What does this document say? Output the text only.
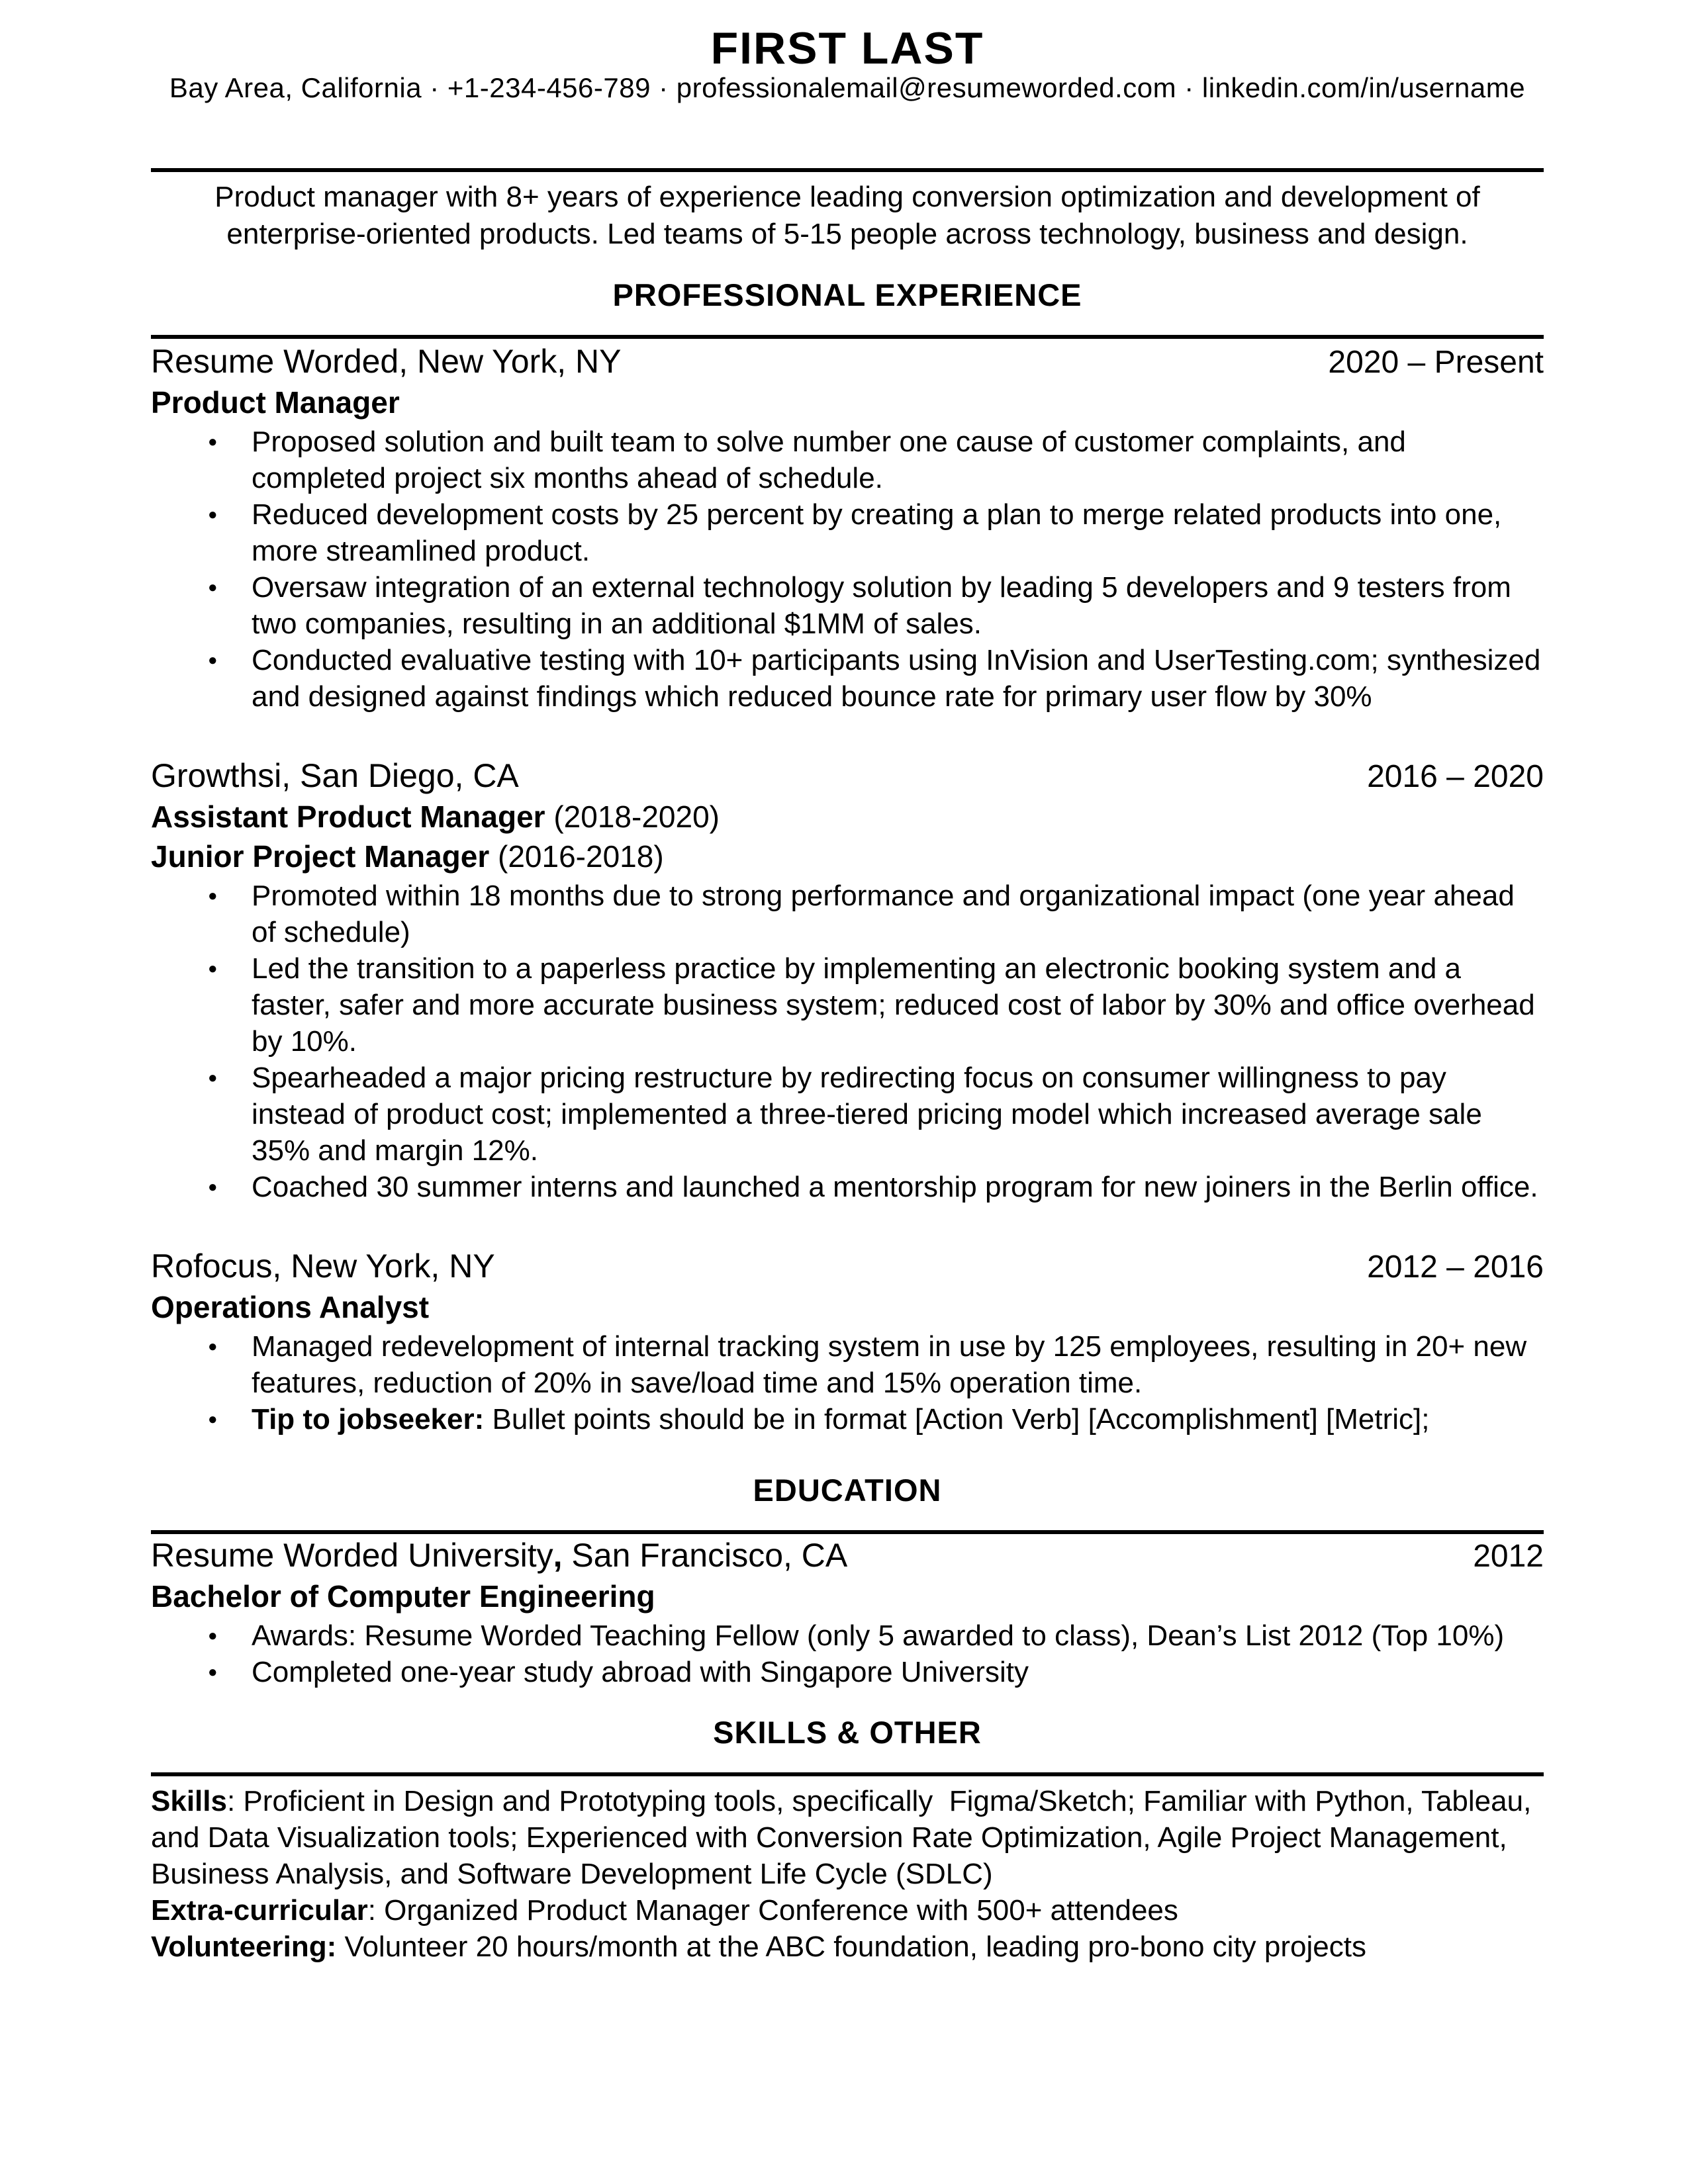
FIRST LAST
Bay Area, California · +1-234-456-789 · professionalemail@resumeworded.com · linkedin.com/in/username

Product manager with 8+ years of experience leading conversion optimization and development of enterprise-oriented products. Led teams of 5-15 people across technology, business and design.

PROFESSIONAL EXPERIENCE
Resume Worded, New York, NY	2020 – Present
Product Manager
● Proposed solution and built team to solve number one cause of customer complaints, and completed project six months ahead of schedule.
● Reduced development costs by 25 percent by creating a plan to merge related products into one, more streamlined product.
● Oversaw integration of an external technology solution by leading 5 developers and 9 testers from two companies, resulting in an additional $1MM of sales.
● Conducted evaluative testing with 10+ participants using InVision and UserTesting.com; synthesized and designed against findings which reduced bounce rate for primary user flow by 30%
Growthsi, San Diego, CA	2016 – 2020
Assistant Product Manager (2018-2020)
Junior Project Manager (2016-2018)
● Promoted within 18 months due to strong performance and organizational impact (one year ahead of schedule)
● Led the transition to a paperless practice by implementing an electronic booking system and a faster, safer and more accurate business system; reduced cost of labor by 30% and office overhead by 10%.
● Spearheaded a major pricing restructure by redirecting focus on consumer willingness to pay instead of product cost; implemented a three-tiered pricing model which increased average sale 35% and margin 12%.
● Coached 30 summer interns and launched a mentorship program for new joiners in the Berlin office.
Rofocus, New York, NY	2012 – 2016
Operations Analyst
● Managed redevelopment of internal tracking system in use by 125 employees, resulting in 20+ new features, reduction of 20% in save/load time and 15% operation time.
● Tip to jobseeker: Bullet points should be in format [Action Verb] [Accomplishment] [Metric];
EDUCATION
Resume Worded University, San Francisco, CA	2012
Bachelor of Computer Engineering
● Awards: Resume Worded Teaching Fellow (only 5 awarded to class), Dean’s List 2012 (Top 10%)
● Completed one-year study abroad with Singapore University
SKILLS & OTHER

Skills: Proficient in Design and Prototyping tools, specifically  Figma/Sketch; Familiar with Python, Tableau, and Data Visualization tools; Experienced with Conversion Rate Optimization, Agile Project Management, Business Analysis, and Software Development Life Cycle (SDLC)

Extra-curricular: Organized Product Manager Conference with 500+ attendees

Volunteering: Volunteer 20 hours/month at the ABC foundation, leading pro-bono city projects
